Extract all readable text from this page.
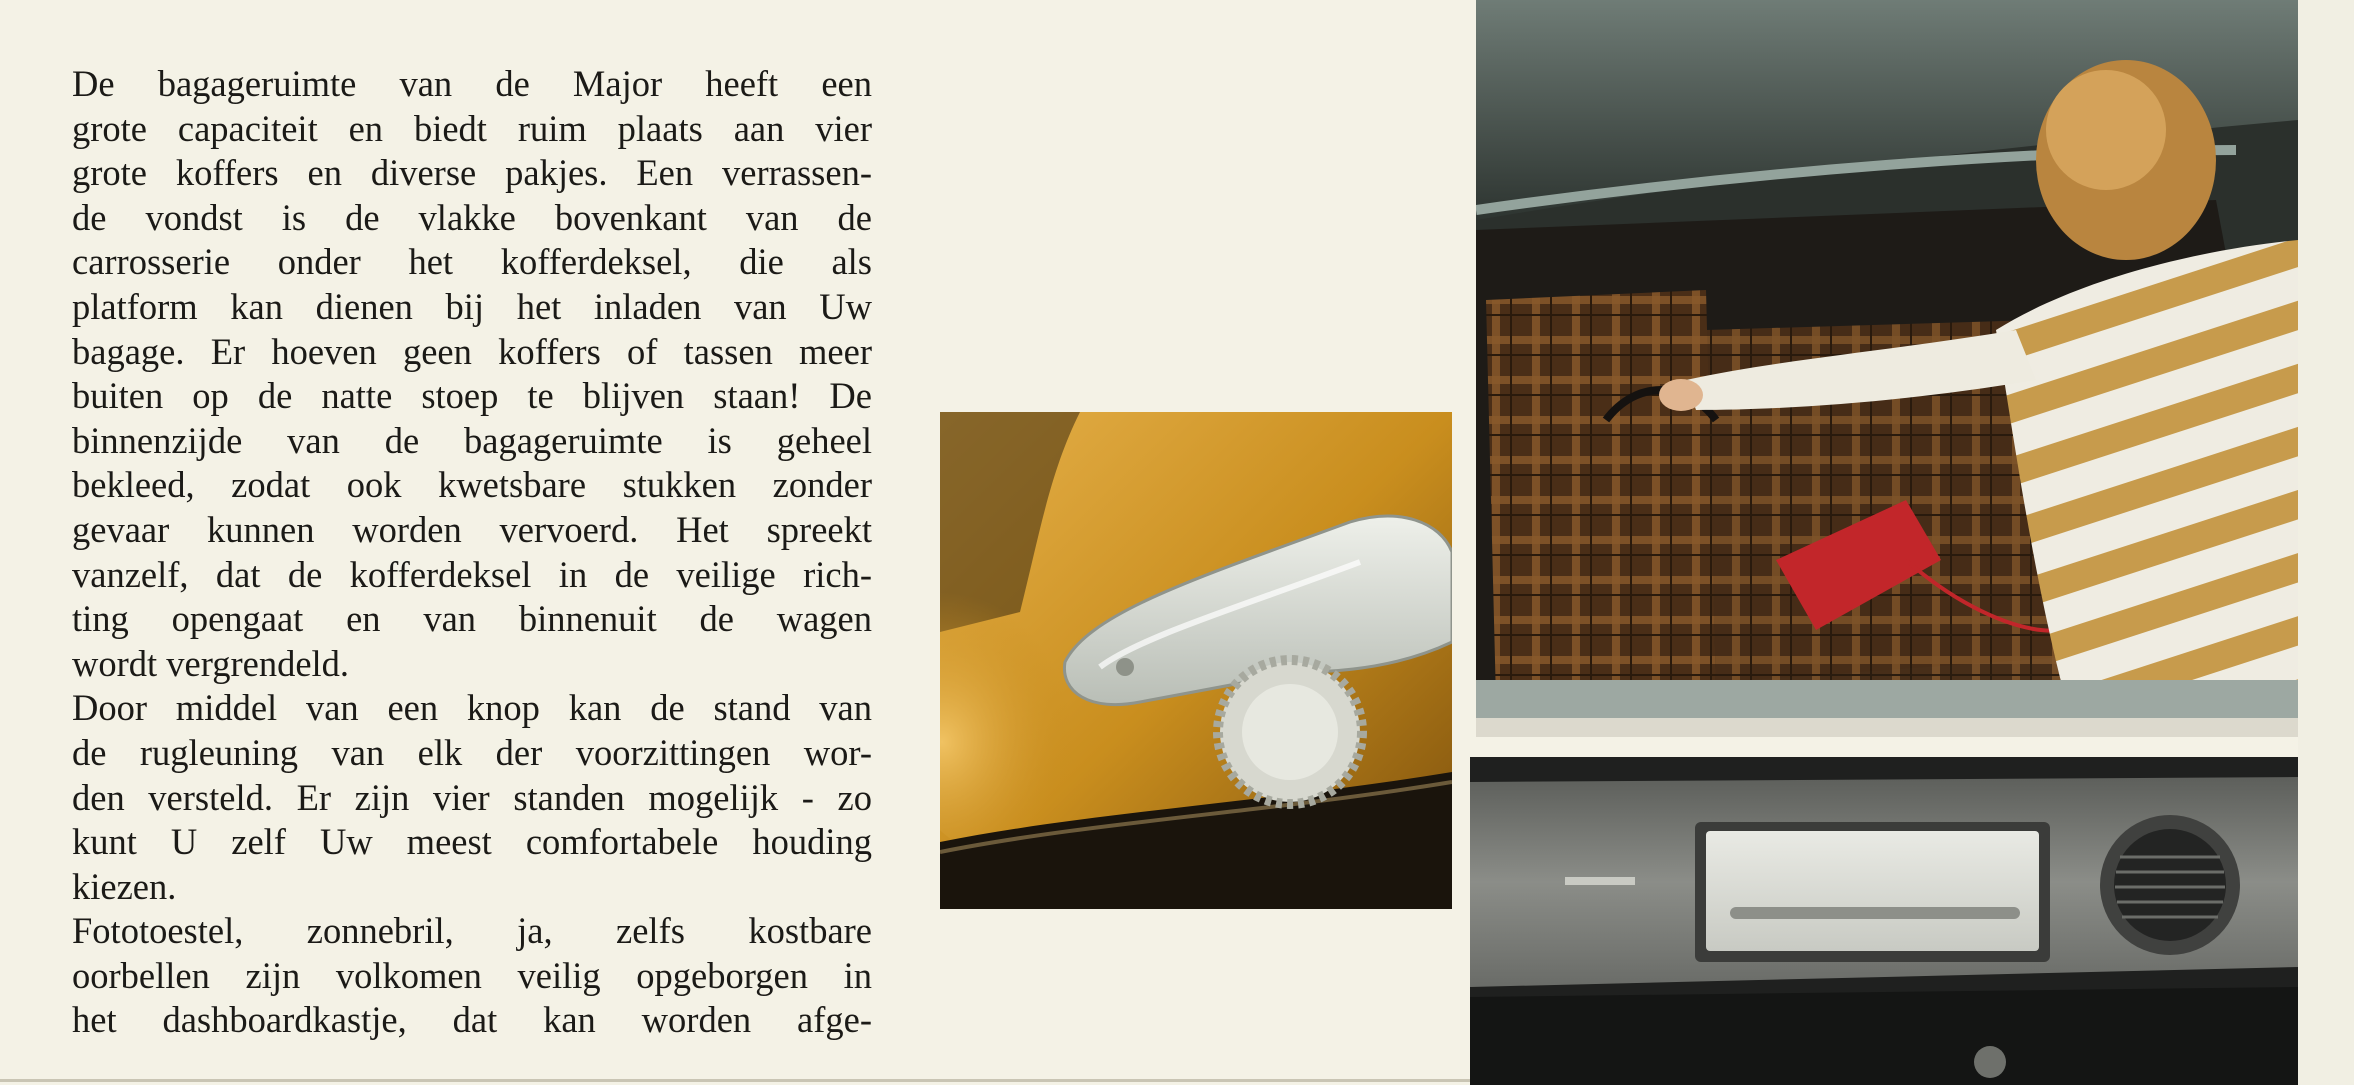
De bagageruimte van de Major heeft een
grote capaciteit en biedt ruim plaats aan vier
grote koffers en diverse pakjes. Een verrassen-
de vondst is de vlakke bovenkant van de
carrosserie onder het kofferdeksel, die als
platform kan dienen bij het inladen van Uw
bagage. Er hoeven geen koffers of tassen meer
buiten op de natte stoep te blijven staan! De
binnenzijde van de bagageruimte is geheel
bekleed, zodat ook kwetsbare stukken zonder
gevaar kunnen worden vervoerd. Het spreekt
vanzelf, dat de kofferdeksel in de veilige rich-
ting opengaat en van binnenuit de wagen
wordt vergrendeld.
Door middel van een knop kan de stand van
de rugleuning van elk der voorzittingen wor-
den versteld. Er zijn vier standen mogelijk - zo
kunt U zelf Uw meest comfortabele houding
kiezen.
Fototoestel, zonnebril, ja, zelfs kostbare
oorbellen zijn volkomen veilig opgeborgen in
het dashboardkastje, dat kan worden afge-
